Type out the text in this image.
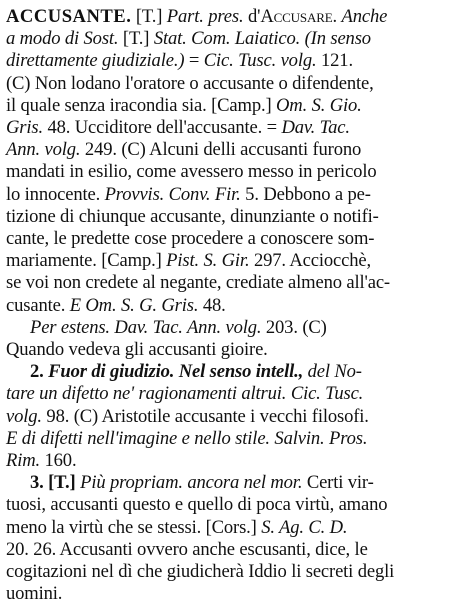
ACCUSANTE. [T.] Part. pres. d'Accusare. Anche
a modo di Sost. [T.] Stat. Com. Laiatico. (In senso
direttamente giudiziale.) = Cic. Tusc. volg. 121.
(C) Non lodano l'oratore o accusante o difendente,
il quale senza iracondia sia. [Camp.] Om. S. Gio.
Gris. 48. Ucciditore dell'accusante. = Dav. Tac.
Ann. volg. 249. (C) Alcuni delli accusanti furono
mandati in esilio, come avessero messo in pericolo
lo innocente. Provvis. Conv. Fir. 5. Debbono a pe-
tizione di chiunque accusante, dinunziante o notifi-
cante, le predette cose procedere a conoscere som-
mariamente. [Camp.] Pist. S. Gir. 297. Acciocchè,
se voi non credete al negante, crediate almeno all'ac-
cusante. E Om. S. G. Gris. 48.

Per estens. Dav. Tac. Ann. volg. 203. (C)
Quando vedeva gli accusanti gioire.

2. Fuor di giudizio. Nel senso intell., del No-
tare un difetto ne' ragionamenti altrui. Cic. Tusc.
volg. 98. (C) Aristotile accusante i vecchi filosofi.
E di difetti nell'imagine e nello stile. Salvin. Pros.
Rim. 160.

3. [T.] Più propriam. ancora nel mor. Certi vir-
tuosi, accusanti questo e quello di poca virtù, amano
meno la virtù che se stessi. [Cors.] S. Ag. C. D.
20. 26. Accusanti ovvero anche escusanti, dice, le
cogitazioni nel dì che giudicherà Iddio li secreti degli
uomini.
